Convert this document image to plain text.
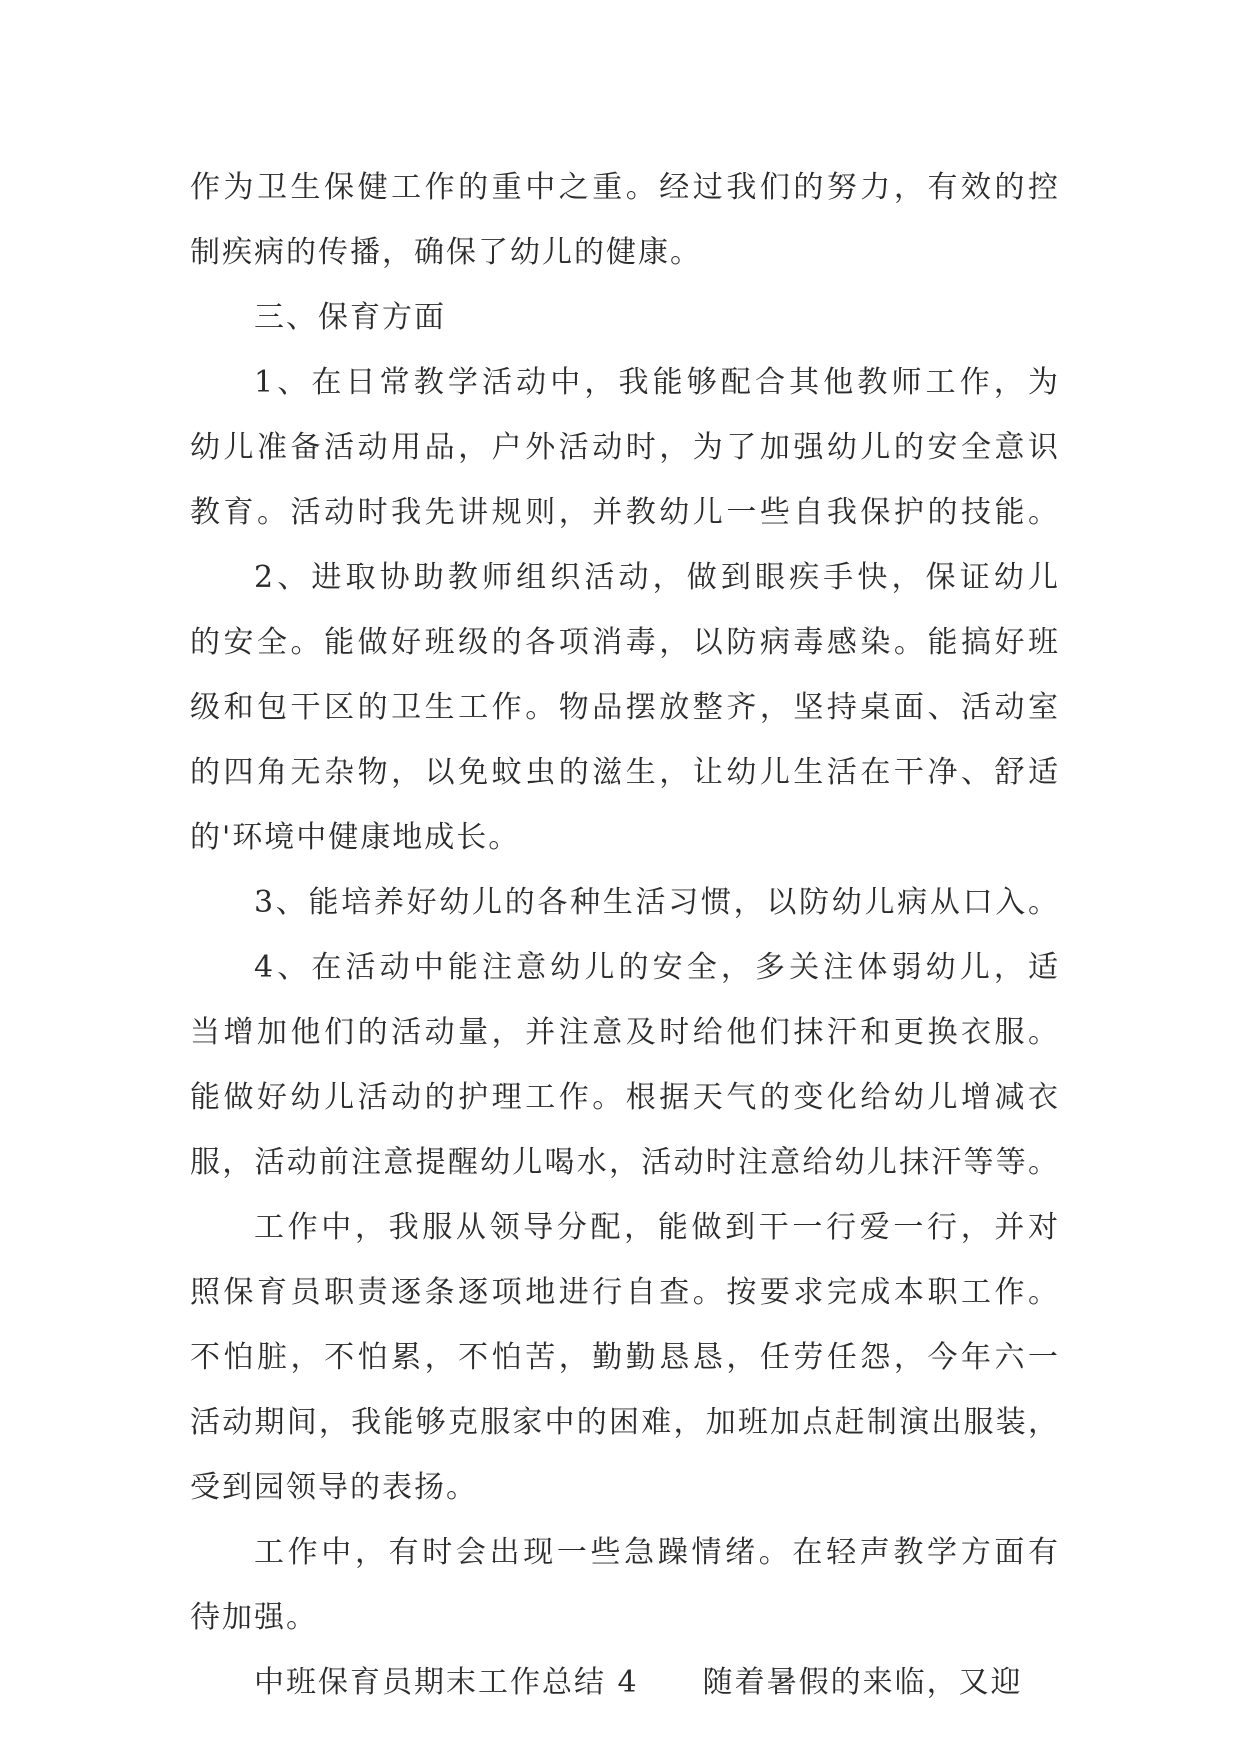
作为卫生保健工作的重中之重。经过我们的努力，有效的控
制疾病的传播，确保了幼儿的健康。
三、保育方面
1、在日常教学活动中，我能够配合其他教师工作，为
幼儿准备活动用品，户外活动时，为了加强幼儿的安全意识
教育。活动时我先讲规则，并教幼儿一些自我保护的技能。
2、进取协助教师组织活动，做到眼疾手快，保证幼儿
的安全。能做好班级的各项消毒，以防病毒感染。能搞好班
级和包干区的卫生工作。物品摆放整齐，坚持桌面、活动室
的四角无杂物，以免蚊虫的滋生，让幼儿生活在干净、舒适
的'环境中健康地成长。
3、能培养好幼儿的各种生活习惯，以防幼儿病从口入。
4、在活动中能注意幼儿的安全，多关注体弱幼儿，适
当增加他们的活动量，并注意及时给他们抹汗和更换衣服。
能做好幼儿活动的护理工作。根据天气的变化给幼儿增减衣
服，活动前注意提醒幼儿喝水，活动时注意给幼儿抹汗等等。
工作中，我服从领导分配，能做到干一行爱一行，并对
照保育员职责逐条逐项地进行自查。按要求完成本职工作。
不怕脏，不怕累，不怕苦，勤勤恳恳，任劳任怨，今年六一
活动期间，我能够克服家中的困难，加班加点赶制演出服装，
受到园领导的表扬。
工作中，有时会出现一些急躁情绪。在轻声教学方面有
待加强。
中班保育员期末工作总结 4　　随着暑假的来临，又迎
